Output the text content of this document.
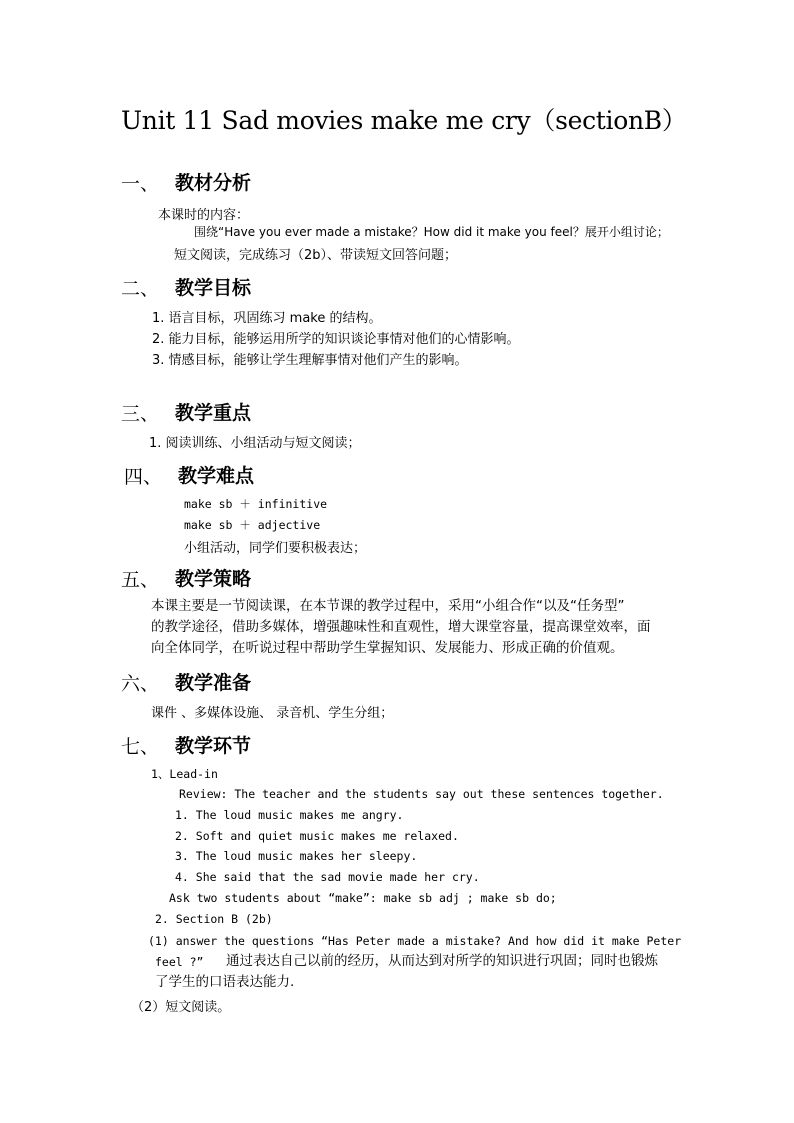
Unit 11 Sad movies make me cry（sectionB）
一、 教材分析
本课时的内容：
围绕“Have you ever made a mistake？How did it make you feel？展开小组讨论；
短文阅读，完成练习（2b）、带读短文回答问题；
二、 教学目标
1. 语言目标，巩固练习 make 的结构。
2. 能力目标，能够运用所学的知识谈论事情对他们的心情影响。
3. 情感目标，能够让学生理解事情对他们产生的影响。
三、 教学重点
1. 阅读训练、小组活动与短文阅读；
四、 教学难点
make sb ＋ infinitive
make sb ＋ adjective
小组活动，同学们要积极表达；
五、 教学策略
本课主要是一节阅读课，在本节课的教学过程中，采用“小组合作“以及“任务型”
的教学途径，借助多媒体，增强趣味性和直观性，增大课堂容量，提高课堂效率，面
向全体同学，在听说过程中帮助学生掌握知识、发展能力、形成正确的价值观。
六、 教学准备
课件 、多媒体设施、 录音机、学生分组；
七、 教学环节
1、Lead-in
Review: The teacher and the students say out these sentences together.
1. The loud music makes me angry.
2. Soft and quiet music makes me relaxed.
3. The loud music makes her sleepy.
4. She said that the sad movie made her cry.
Ask two students about “make”: make sb adj ; make sb do;
2. Section B (2b)
(1) answer the questions “Has Peter made a mistake? And how did it make Peter
feel ?” 通过表达自己以前的经历，从而达到对所学的知识进行巩固；同时也锻炼
了学生的口语表达能力.
（2）短文阅读。
